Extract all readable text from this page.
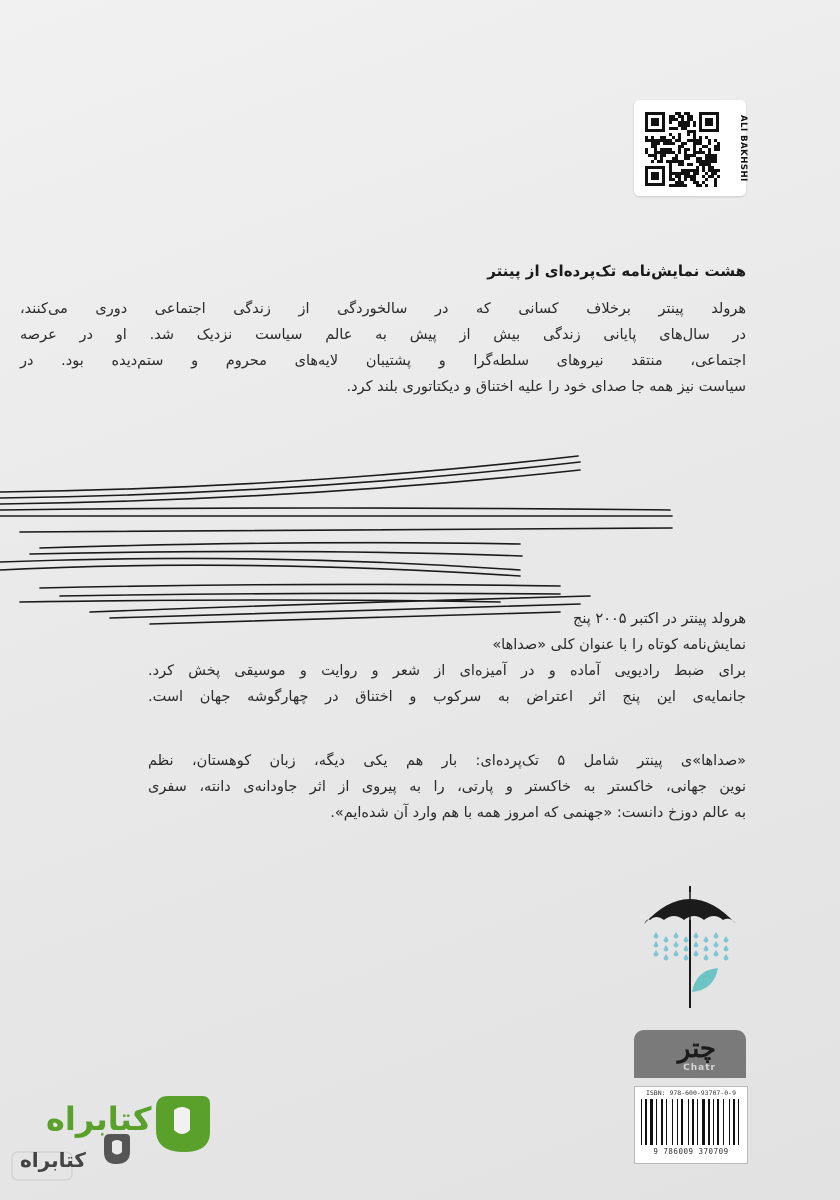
ALI BAKHSHI
هشت نمایش‌نامه تک‌پرده‌ای از پینتر
هرولد پینتر برخلاف کسانی که در سالخوردگی از زندگی اجتماعی دوری می‌کنند،
در سال‌های پایانی زندگی بیش از پیش به عالم سیاست نزدیک شد. او در عرصه
اجتماعی، منتقد نیروهای سلطه‌گرا و پشتیبان لایه‌های محروم و ستم‌دیده بود. در
سیاست نیز همه جا صدای خود را علیه اختناق و دیکتاتوری بلند کرد.
هرولد پینتر در اکتبر ۲۰۰۵ پنج
نمایش‌نامه کوتاه را با عنوان کلی «صداها»
برای ضبط رادیویی آماده و در آمیزه‌ای از شعر و روایت و موسیقی پخش کرد.
جانمایه‌ی این پنج اثر اعتراض به سرکوب و اختناق در چهارگوشه جهان است.
«صداها»ی پینتر شامل ۵ تک‌پرده‌ای: بار هم یکی دیگه، زبان کوهستان، نظم
نوین جهانی، خاکستر به خاکستر و پارتی، را به پیروی از اثر جاودانه‌ی دانته، سفری
به عالم دوزخ دانست: «جهنمی که امروز همه با هم وارد آن شده‌ایم».
چتر
Chatr
ISBN: 978-600-93707-0-9
9 786009 370709
کتابراه
کتابراه
